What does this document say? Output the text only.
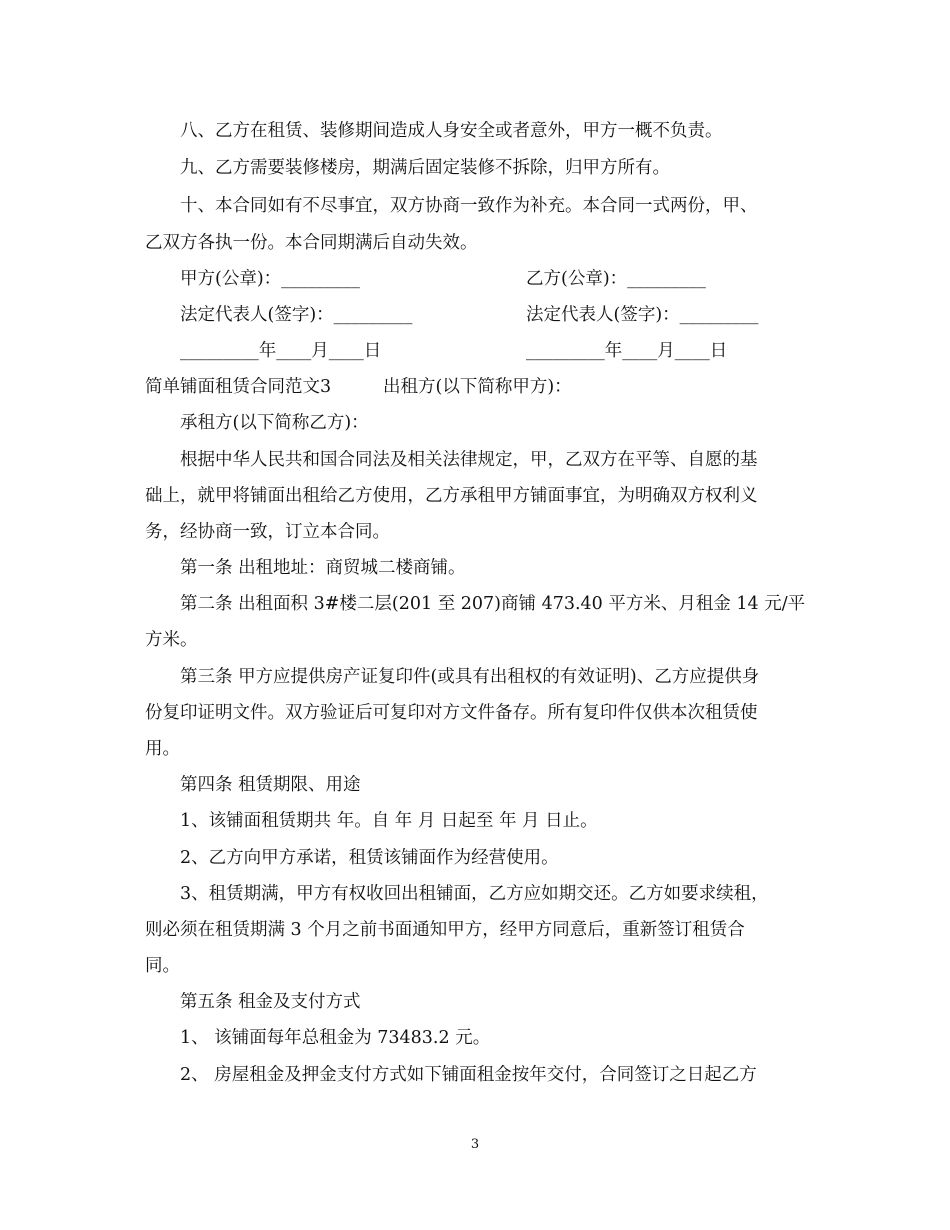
八、乙方在租赁、装修期间造成人身安全或者意外，甲方一概不负责。
九、乙方需要装修楼房，期满后固定装修不拆除，归甲方所有。
十、本合同如有不尽事宜，双方协商一致作为补充。本合同一式两份，甲、
乙双方各执一份。本合同期满后自动失效。
甲方(公章)：_________	乙方(公章)：_________
法定代表人(签字)：_________	法定代表人(签字)：_________
_________年____月____日	_________年____月____日
简单铺面租赁合同范文3	出租方(以下简称甲方)：
承租方(以下简称乙方)：
根据中华人民共和国合同法及相关法律规定，甲，乙双方在平等、自愿的基
础上，就甲将铺面出租给乙方使用，乙方承租甲方铺面事宜，为明确双方权利义
务，经协商一致，订立本合同。
第一条 出租地址：商贸城二楼商铺。
第二条 出租面积 3#楼二层(201 至 207)商铺 473.40 平方米、月租金 14 元/平
方米。
第三条 甲方应提供房产证复印件(或具有出租权的有效证明)、乙方应提供身
份复印证明文件。双方验证后可复印对方文件备存。所有复印件仅供本次租赁使
用。
第四条 租赁期限、用途
1、该铺面租赁期共 年。自 年 月 日起至 年 月 日止。
2、乙方向甲方承诺，租赁该铺面作为经营使用。
3、租赁期满，甲方有权收回出租铺面，乙方应如期交还。乙方如要求续租，
则必须在租赁期满 3 个月之前书面通知甲方，经甲方同意后，重新签订租赁合
同。
第五条 租金及支付方式
1、 该铺面每年总租金为 73483.2 元。
2、 房屋租金及押金支付方式如下铺面租金按年交付，合同签订之日起乙方
3
